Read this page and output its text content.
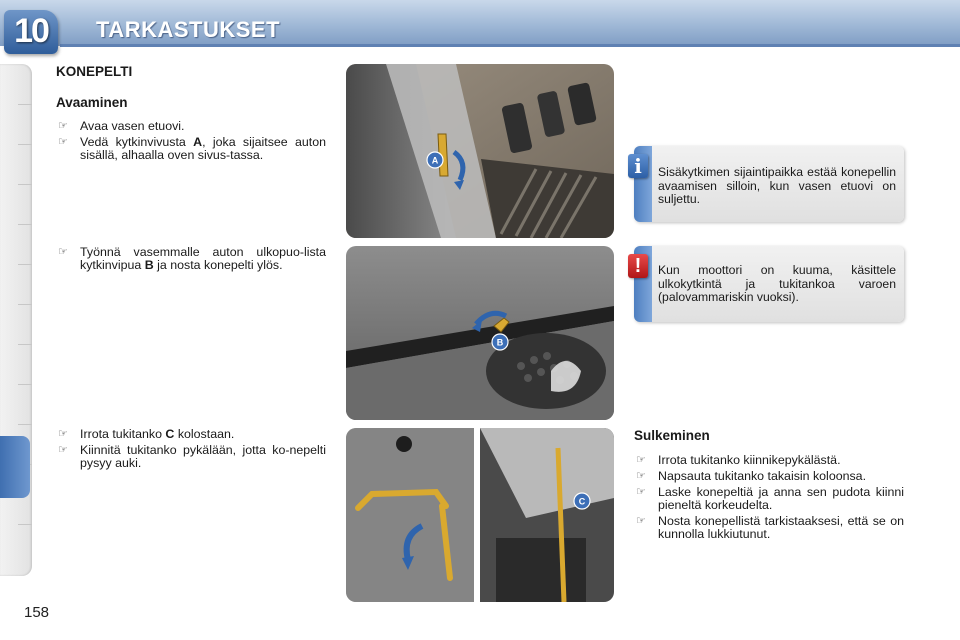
10	TARKASTUKSET
KONEPELTI
Avaaminen
☞ Avaa vasen etuovi.
☞ Vedä kytkinvivusta A, joka sijaitsee auton sisällä, alhaalla oven sivus-tassa.
☞ Työnnä vasemmalle auton ulkopuo-lista kytkinvipua B ja nosta konepelti ylös.
☞ Irrota tukitanko C kolostaan.
☞ Kiinnitä tukitanko pykälään, jotta ko-nepelti pysyy auki.
A
B
C
Sisäkytkimen sijaintipaikka estää konepellin avaamisen silloin, kun vasen etuovi on suljettu.
i
Kun moottori on kuuma, käsittele ulkokytkintä ja tukitankoa varoen (palovammariskin vuoksi).
!
Sulkeminen
☞ Irrota tukitanko kiinnikepykälästä.
☞ Napsauta tukitanko takaisin koloonsa.
☞ Laske konepeltiä ja anna sen pudota kiinni pieneltä korkeudelta.
☞ Nosta konepellistä tarkistaaksesi, että se on kunnolla lukkiutunut.
158
